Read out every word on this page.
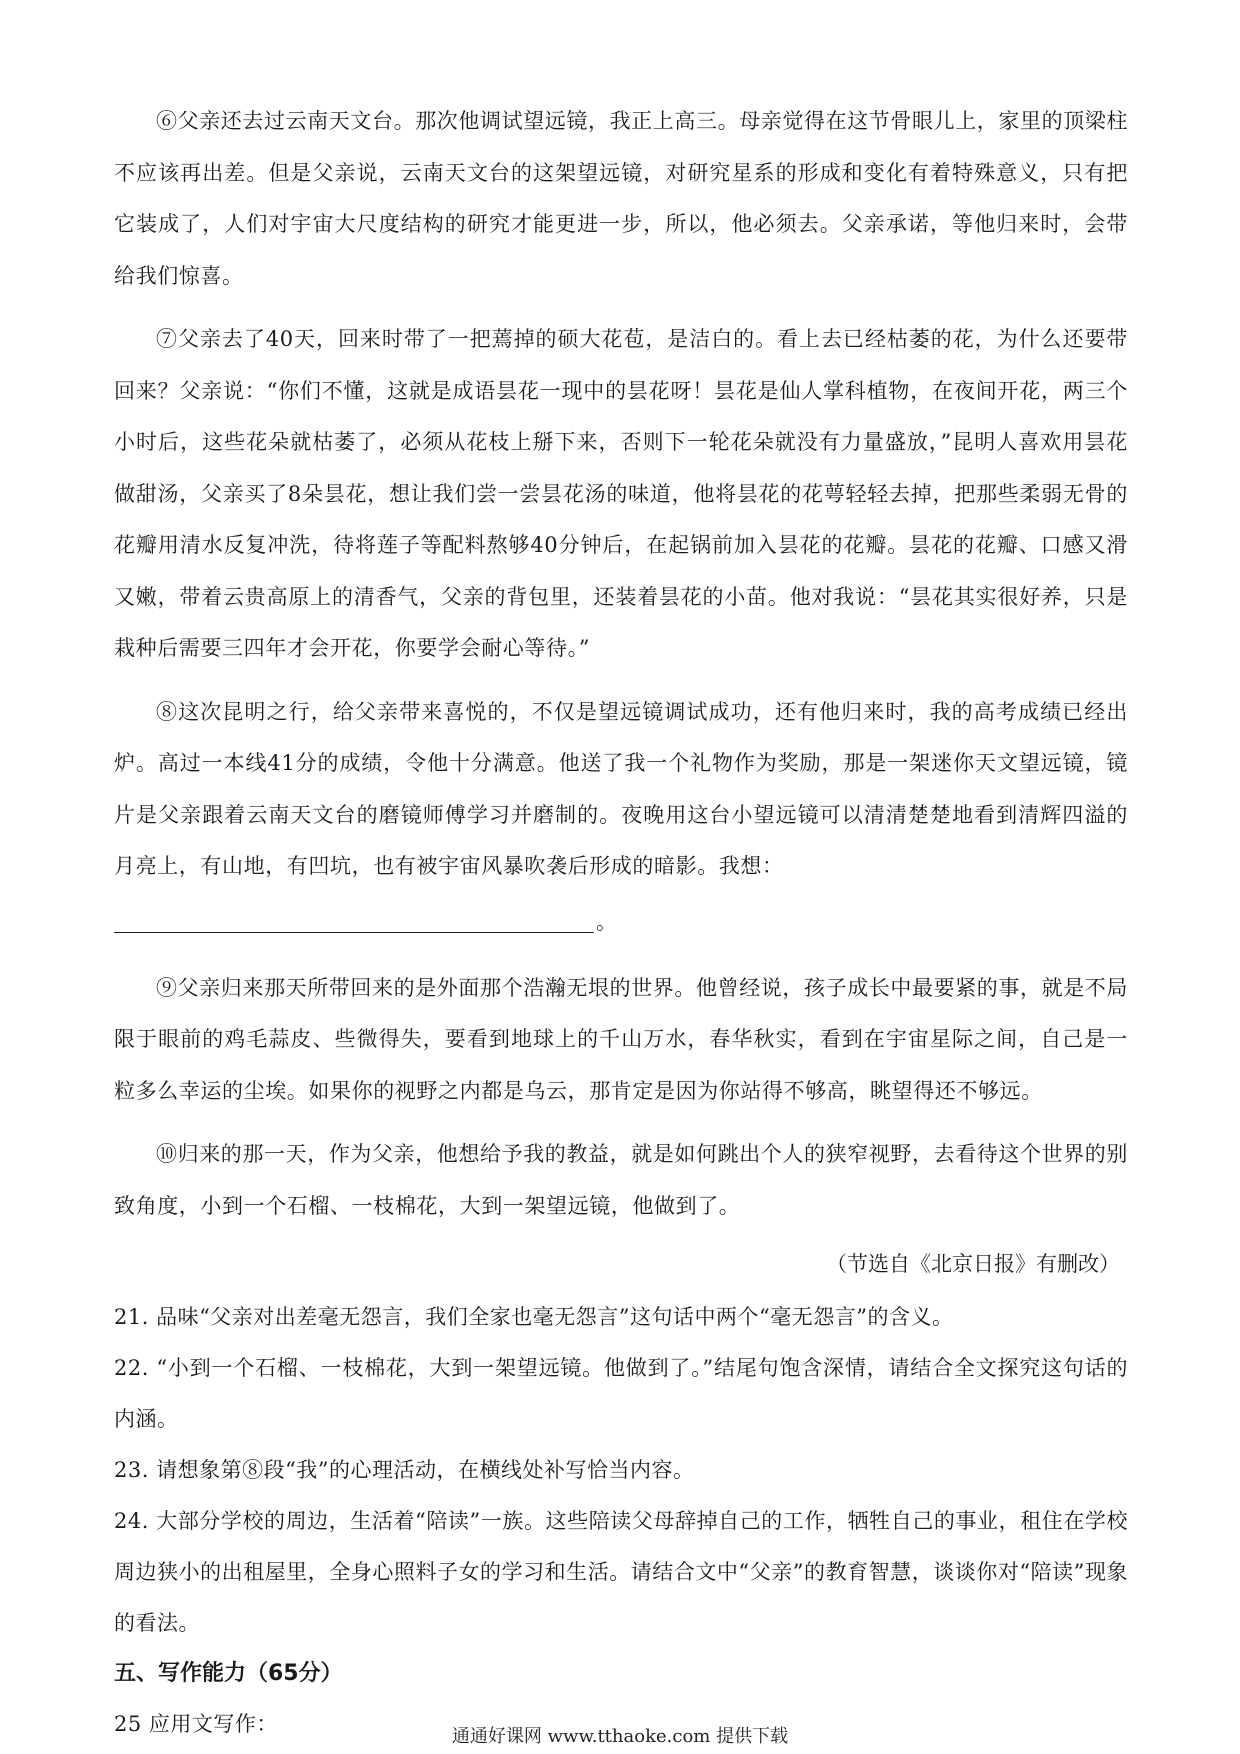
⑥父亲还去过云南天文台。那次他调试望远镜，我正上高三。母亲觉得在这节骨眼儿上，家里的顶梁柱不应该再出差。但是父亲说，云南天文台的这架望远镜，对研究星系的形成和变化有着特殊意义，只有把它装成了，人们对宇宙大尺度结构的研究才能更进一步，所以，他必须去。父亲承诺，等他归来时，会带给我们惊喜。

⑦父亲去了40天，回来时带了一把蔫掉的硕大花苞，是洁白的。看上去已经枯萎的花，为什么还要带回来？父亲说：“你们不懂，这就是成语昙花一现中的昙花呀！昙花是仙人掌科植物，在夜间开花，两三个小时后，这些花朵就枯萎了，必须从花枝上掰下来，否则下一轮花朵就没有力量盛放，”昆明人喜欢用昙花做甜汤，父亲买了8朵昙花，想让我们尝一尝昙花汤的味道，他将昙花的花萼轻轻去掉，把那些柔弱无骨的花瓣用清水反复冲洗，待将莲子等配料熬够40分钟后，在起锅前加入昙花的花瓣。昙花的花瓣、口感又滑又嫩，带着云贵高原上的清香气，父亲的背包里，还装着昙花的小苗。他对我说：“昙花其实很好养，只是栽种后需要三四年才会开花，你要学会耐心等待。”

⑧这次昆明之行，给父亲带来喜悦的，不仅是望远镜调试成功，还有他归来时，我的高考成绩已经出炉。高过一本线41分的成绩，令他十分满意。他送了我一个礼物作为奖励，那是一架迷你天文望远镜，镜片是父亲跟着云南天文台的磨镜师傅学习并磨制的。夜晚用这台小望远镜可以清清楚楚地看到清辉四溢的月亮上，有山地，有凹坑，也有被宇宙风暴吹袭后形成的暗影。我想：

。

⑨父亲归来那天所带回来的是外面那个浩瀚无垠的世界。他曾经说，孩子成长中最要紧的事，就是不局限于眼前的鸡毛蒜皮、些微得失，要看到地球上的千山万水，春华秋实，看到在宇宙星际之间，自己是一粒多么幸运的尘埃。如果你的视野之内都是乌云，那肯定是因为你站得不够高，眺望得还不够远。

⑩归来的那一天，作为父亲，他想给予我的教益，就是如何跳出个人的狭窄视野，去看待这个世界的别致角度，小到一个石榴、一枝棉花，大到一架望远镜，他做到了。

（节选自《北京日报》有删改）

21. 品味“父亲对出差毫无怨言，我们全家也毫无怨言”这句话中两个“毫无怨言”的含义。

22. “小到一个石榴、一枝棉花，大到一架望远镜。他做到了。”结尾句饱含深情，请结合全文探究这句话的内涵。

23. 请想象第⑧段“我”的心理活动，在横线处补写恰当内容。

24. 大部分学校的周边，生活着“陪读”一族。这些陪读父母辞掉自己的工作，牺牲自己的事业，租住在学校周边狭小的出租屋里，全身心照料子女的学习和生活。请结合文中“父亲”的教育智慧，谈谈你对“陪读”现象的看法。

五、写作能力（65分）

25 应用文写作：

通通好课网 www.tthaoke.com 提供下载
